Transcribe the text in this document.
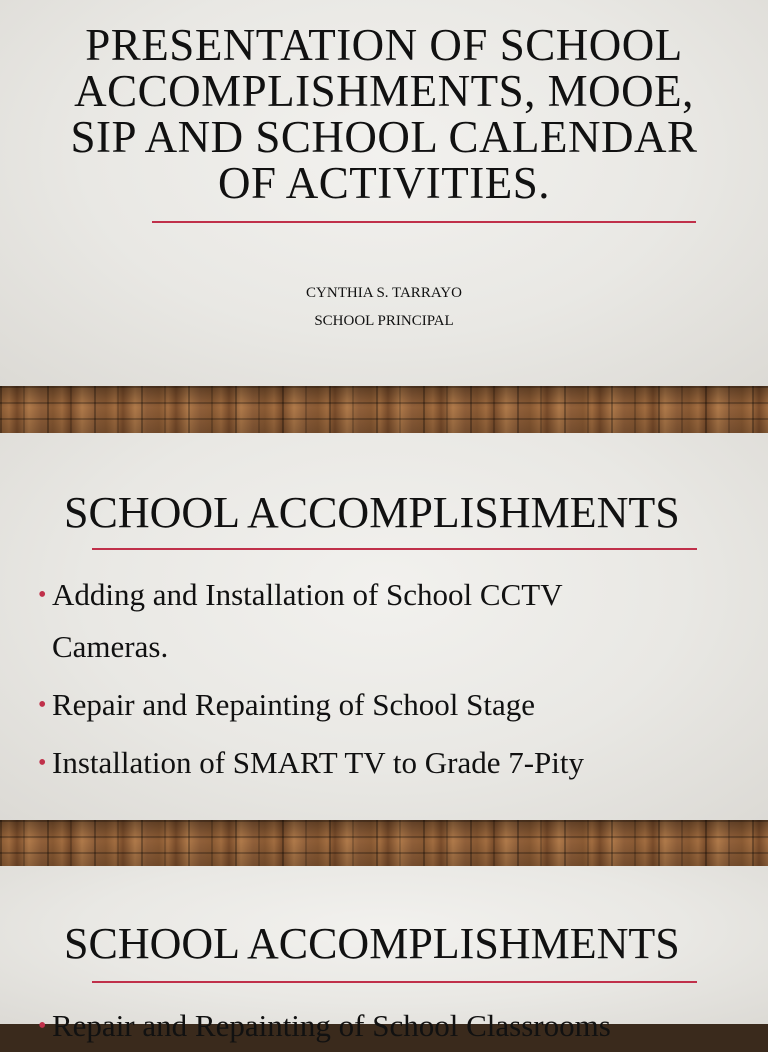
PRESENTATION OF SCHOOL
ACCOMPLISHMENTS, MOOE,
SIP AND SCHOOL CALENDAR
OF ACTIVITIES.
CYNTHIA S. TARRAYO
SCHOOL PRINCIPAL
SCHOOL ACCOMPLISHMENTS
• Adding and Installation of School CCTV
Cameras.
• Repair and Repainting of School Stage
• Installation of SMART TV to Grade 7-Pity
SCHOOL ACCOMPLISHMENTS
• Repair and Repainting of School Classrooms
